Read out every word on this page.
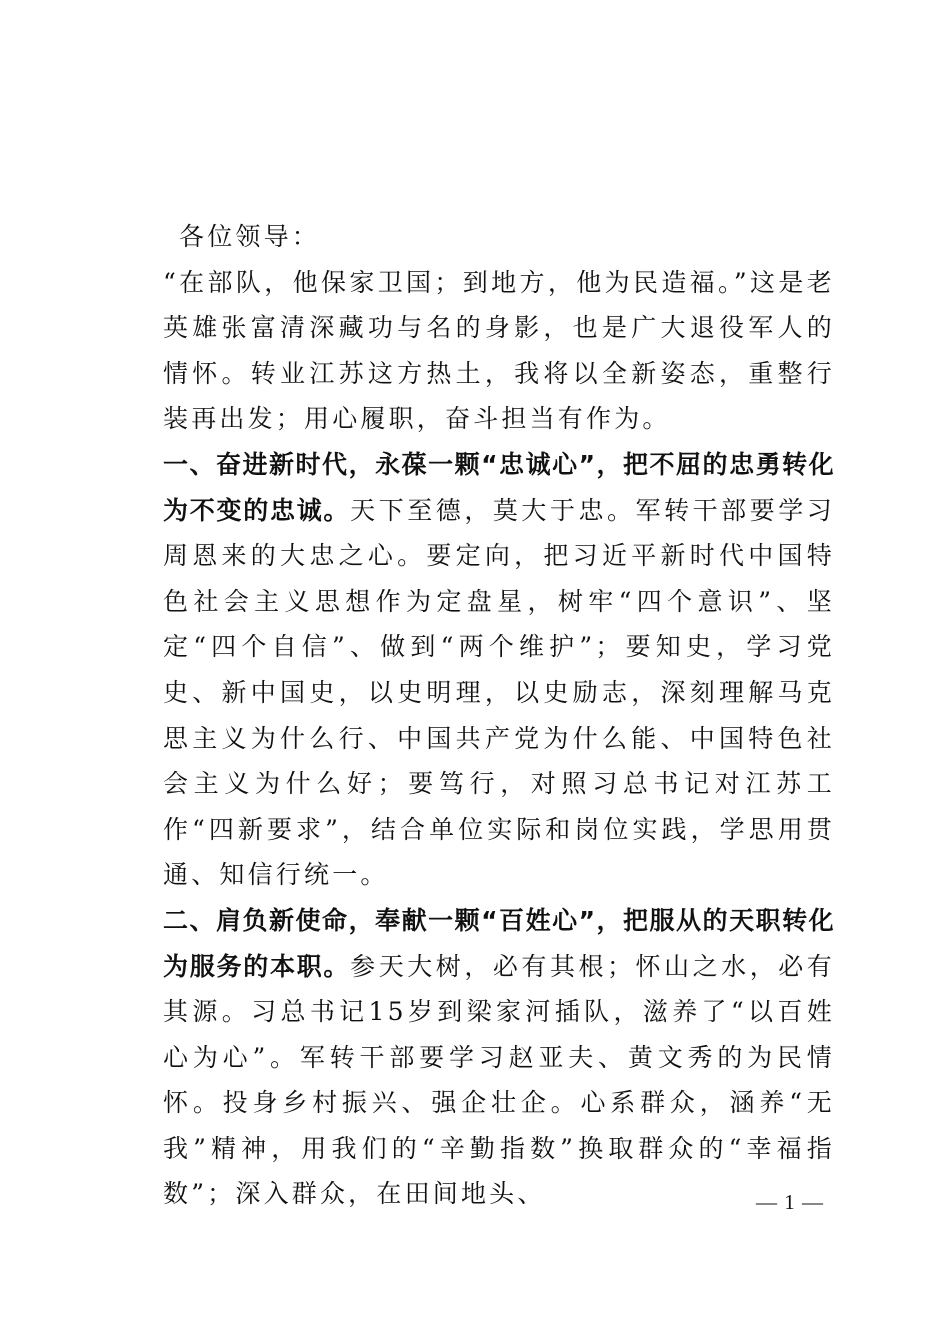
各位领导：

“在部队，他保家卫国；到地方，他为民造福。”这是老英雄张富清深藏功与名的身影，也是广大退役军人的情怀。转业江苏这方热土，我将以全新姿态，重整行装再出发；用心履职，奋斗担当有作为。

一、奋进新时代，永葆一颗“忠诚心”，把不屈的忠勇转化为不变的忠诚。天下至德，莫大于忠。军转干部要学习周恩来的大忠之心。要定向，把习近平新时代中国特色社会主义思想作为定盘星，树牢“四个意识”、坚定“四个自信”、做到“两个维护”；要知史，学习党史、新中国史，以史明理，以史励志，深刻理解马克思主义为什么行、中国共产党为什么能、中国特色社会主义为什么好；要笃行，对照习总书记对江苏工作“四新要求”，结合单位实际和岗位实践，学思用贯通、知信行统一。

二、肩负新使命，奉献一颗“百姓心”，把服从的天职转化为服务的本职。参天大树，必有其根；怀山之水，必有其源。习总书记15岁到梁家河插队，滋养了“以百姓心为心”。军转干部要学习赵亚夫、黄文秀的为民情怀。投身乡村振兴、强企壮企。心系群众，涵养“无我”精神，用我们的“辛勤指数”换取群众的“幸福指数”；深入群众，在田间地头、	— 1 —
